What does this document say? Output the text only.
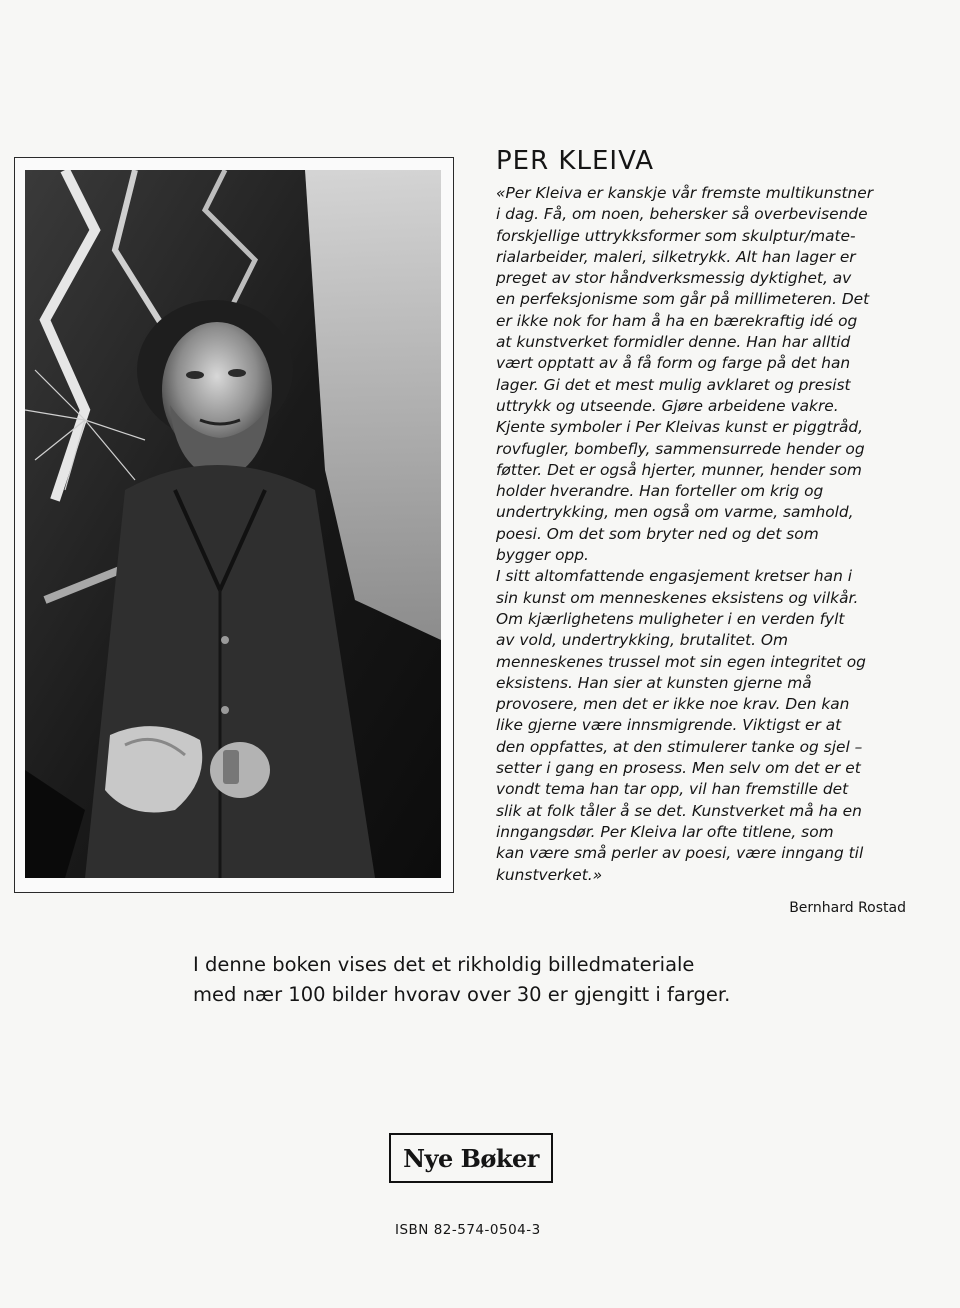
PER KLEIVA
«Per Kleiva er kanskje vår fremste multikunstner
i dag. Få, om noen, behersker så overbevisende
forskjellige uttrykksformer som skulptur/mate-
rialarbeider, maleri, silketrykk. Alt han lager er
preget av stor håndverksmessig dyktighet, av
en perfeksjonisme som går på millimeteren. Det
er ikke nok for ham å ha en bærekraftig idé og
at kunstverket formidler denne. Han har alltid
vært opptatt av å få form og farge på det han
lager. Gi det et mest mulig avklaret og presist
uttrykk og utseende. Gjøre arbeidene vakre.
Kjente symboler i Per Kleivas kunst er piggtråd,
rovfugler, bombefly, sammensurrede hender og
føtter. Det er også hjerter, munner, hender som
holder hverandre. Han forteller om krig og
undertrykking, men også om varme, samhold,
poesi. Om det som bryter ned og det som
bygger opp.
I sitt altomfattende engasjement kretser han i
sin kunst om menneskenes eksistens og vilkår.
Om kjærlighetens muligheter i en verden fylt
av vold, undertrykking, brutalitet. Om
menneskenes trussel mot sin egen integritet og
eksistens. Han sier at kunsten gjerne må
provosere, men det er ikke noe krav. Den kan
like gjerne være innsmigrende. Viktigst er at
den oppfattes, at den stimulerer tanke og sjel –
setter i gang en prosess. Men selv om det er et
vondt tema han tar opp, vil han fremstille det
slik at folk tåler å se det. Kunstverket må ha en
inngangsdør. Per Kleiva lar ofte titlene, som
kan være små perler av poesi, være inngang til
kunstverket.»
Bernhard Rostad
I denne boken vises det et rikholdig billedmateriale
med nær 100 bilder hvorav over 30 er gjengitt i farger.
Nye Bøker
ISBN 82-574-0504-3
